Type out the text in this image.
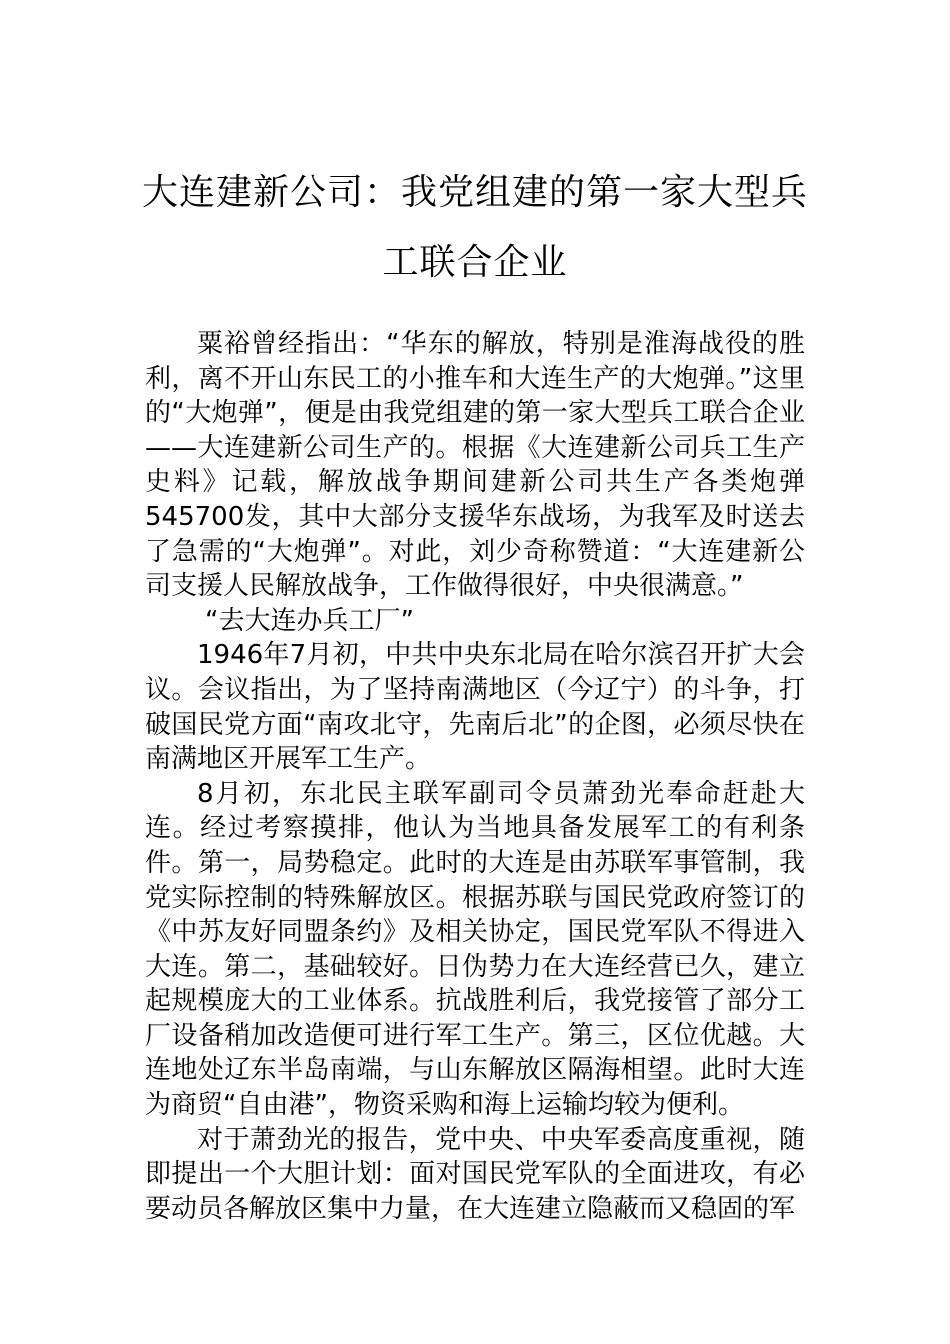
大连建新公司：我党组建的第一家大型兵工联合企业

粟裕曾经指出：“华东的解放，特别是淮海战役的胜利，离不开山东民工的小推车和大连生产的大炮弹。”这里的“大炮弹”，便是由我党组建的第一家大型兵工联合企业——大连建新公司生产的。根据《大连建新公司兵工生产史料》记载，解放战争期间建新公司共生产各类炮弹545700发，其中大部分支援华东战场，为我军及时送去了急需的“大炮弹”。对此，刘少奇称赞道：“大连建新公司支援人民解放战争，工作做得很好，中央很满意。”

“去大连办兵工厂”

1946年7月初，中共中央东北局在哈尔滨召开扩大会议。会议指出，为了坚持南满地区（今辽宁）的斗争，打破国民党方面“南攻北守，先南后北”的企图，必须尽快在南满地区开展军工生产。

8月初，东北民主联军副司令员萧劲光奉命赶赴大连。经过考察摸排，他认为当地具备发展军工的有利条件。第一，局势稳定。此时的大连是由苏联军事管制，我党实际控制的特殊解放区。根据苏联与国民党政府签订的《中苏友好同盟条约》及相关协定，国民党军队不得进入大连。第二，基础较好。日伪势力在大连经营已久，建立起规模庞大的工业体系。抗战胜利后，我党接管了部分工厂设备稍加改造便可进行军工生产。第三，区位优越。大连地处辽东半岛南端，与山东解放区隔海相望。此时大连为商贸“自由港”，物资采购和海上运输均较为便利。

对于萧劲光的报告，党中央、中央军委高度重视，随即提出一个大胆计划：面对国民党军队的全面进攻，有必要动员各解放区集中力量，在大连建立隐蔽而又稳固的军
